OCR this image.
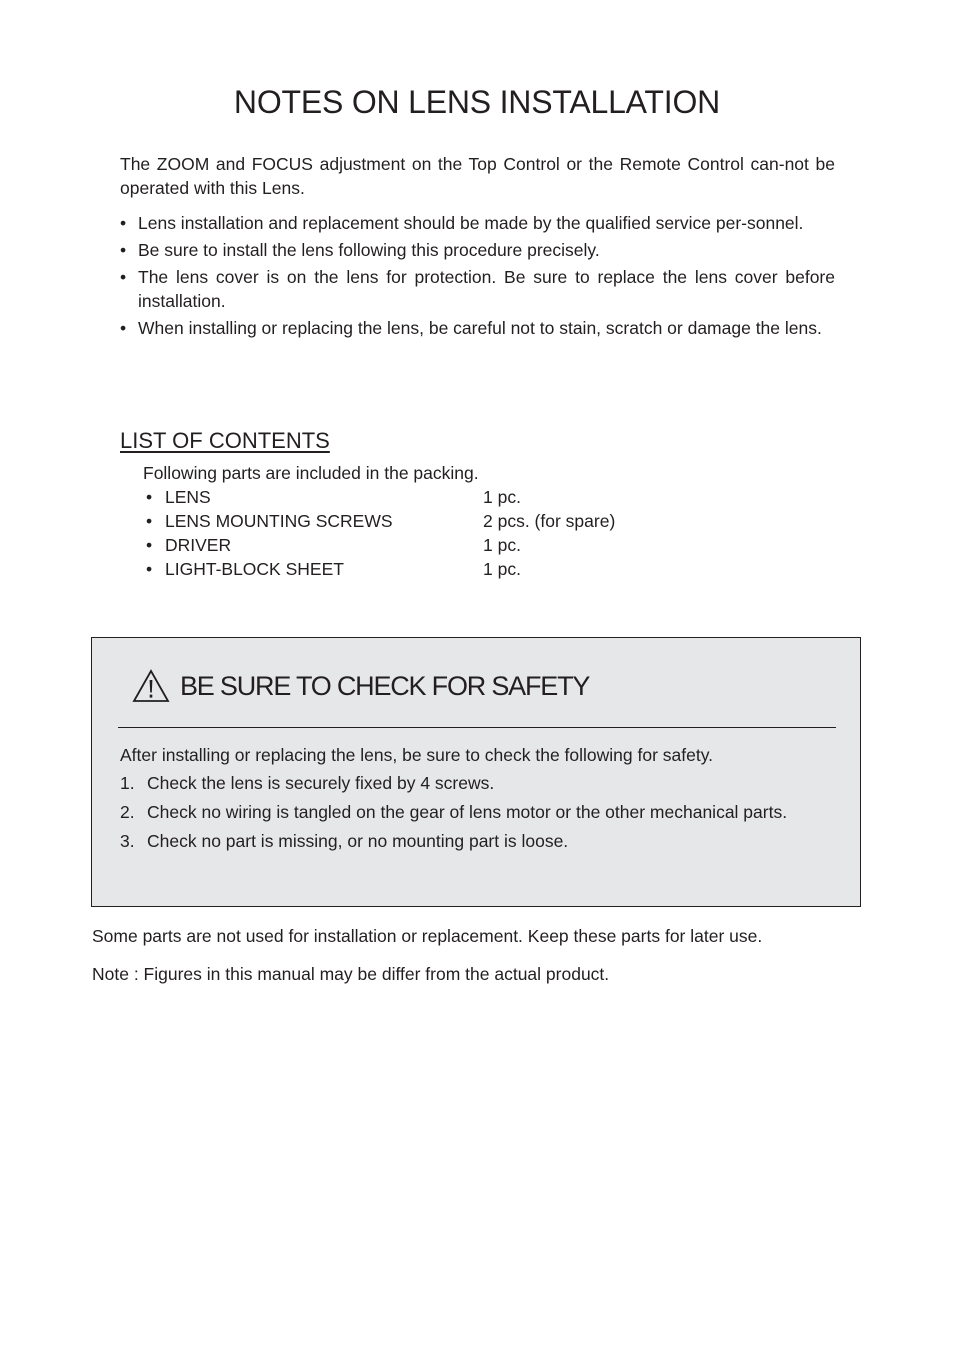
NOTES ON LENS INSTALLATION

The ZOOM and FOCUS adjustment on the Top Control or the Remote Control can-not be operated with this Lens.

• Lens installation and replacement should be made by the qualified service per-sonnel.
• Be sure to install the lens following this procedure precisely.
• The lens cover is on the lens for protection. Be sure to replace the lens cover before installation.
• When installing or replacing the lens, be careful not to stain, scratch or damage the lens.
LIST OF CONTENTS

Following parts are included in the packing.

• LENS	1 pc.
• LENS MOUNTING SCREWS	2 pcs. (for spare)
• DRIVER	1 pc.
• LIGHT-BLOCK SHEET	1 pc.
BE SURE TO CHECK FOR SAFETY

After installing or replacing the lens, be sure to check the following for safety.

1. Check the lens is securely fixed by 4 screws.
2. Check no wiring is tangled on the gear of lens motor or the other mechanical parts.
3. Check no part is missing, or no mounting part is loose.

Some parts are not used for installation or replacement. Keep these parts for later use.

Note : Figures in this manual may be differ from the actual product.
